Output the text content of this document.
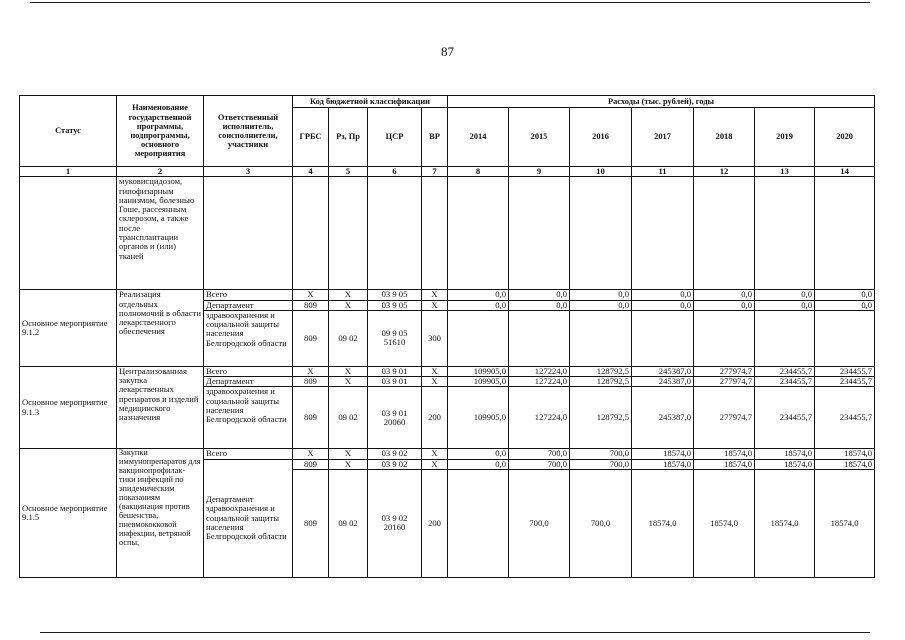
87
Статус	Наименование государственной программы, подпрограммы, основного мероприятия	Ответственный исполнитель, соисполнители, участники	Код бюджетной классификации				Расходы (тыс. рублей), годы						
			ГРБС	Рз, Пр	ЦСР	ВР	2014	2015	2016	2017	2018	2019	2020
1	2	3	4	5	6	7	8	9	10	11	12	13	14
	муковисцидозом, гипофизарным нанизмом, болезнью Гоше, рассеянным склерозом, а также после трансплантации органов и (или) тканей												
Основное мероприятие 9.1.2	Реализация отдельных полномочий в области лекарственного обеспечения	Всего	Х	Х	03 9 05	Х	0,0	0,0	0,0	0,0	0,0	0,0	0,0
		Департамент	809	Х	03 9 05	Х	0,0	0,0	0,0	0,0	0,0	0,0	0,0
		здравоохранения и социальной защиты населения Белгородской области	809	09 02	09 9 05 51610	300							
Основное мероприятие 9.1.3	Централизованная закупка лекарственных препаратов и изделий медицинского назначения	Всего	Х	Х	03 9 01	Х	109905,0	127224,0	128792,5	245387,0	277974,7	234455,7	234455,7
		Департамент	809	Х	03 9 01	Х	109905,0	127224,0	128792,5	245387,0	277974,7	234455,7	234455,7
		здравоохранения и социальной защиты населения Белгородской области	809	09 02	03 9 01 20060	200	109905,0	127224,0	128792,5	245387,0	277974,7	234455,7	234455,7
Основное мероприятие 9.1.5	Закупки иммунопрепаратов для вакцинопрофилак-тики инфекций по эпидемическим показаниям (вакцинация против бешенства, пневмококковой инфекции, ветряной оспы,	Всего	Х	Х	03 9 02	Х	0,0	700,0	700,0	18574,0	18574,0	18574,0	18574,0
		Департамент здравоохранения и социальной защиты населения Белгородской области	809	Х	03 9 02	Х	0,0	700,0	700,0	18574,0	18574,0	18574,0	18574,0
			809	09 02	03 9 02 20160	200		700,0	700,0	18574,0	18574,0	18574,0	18574,0
